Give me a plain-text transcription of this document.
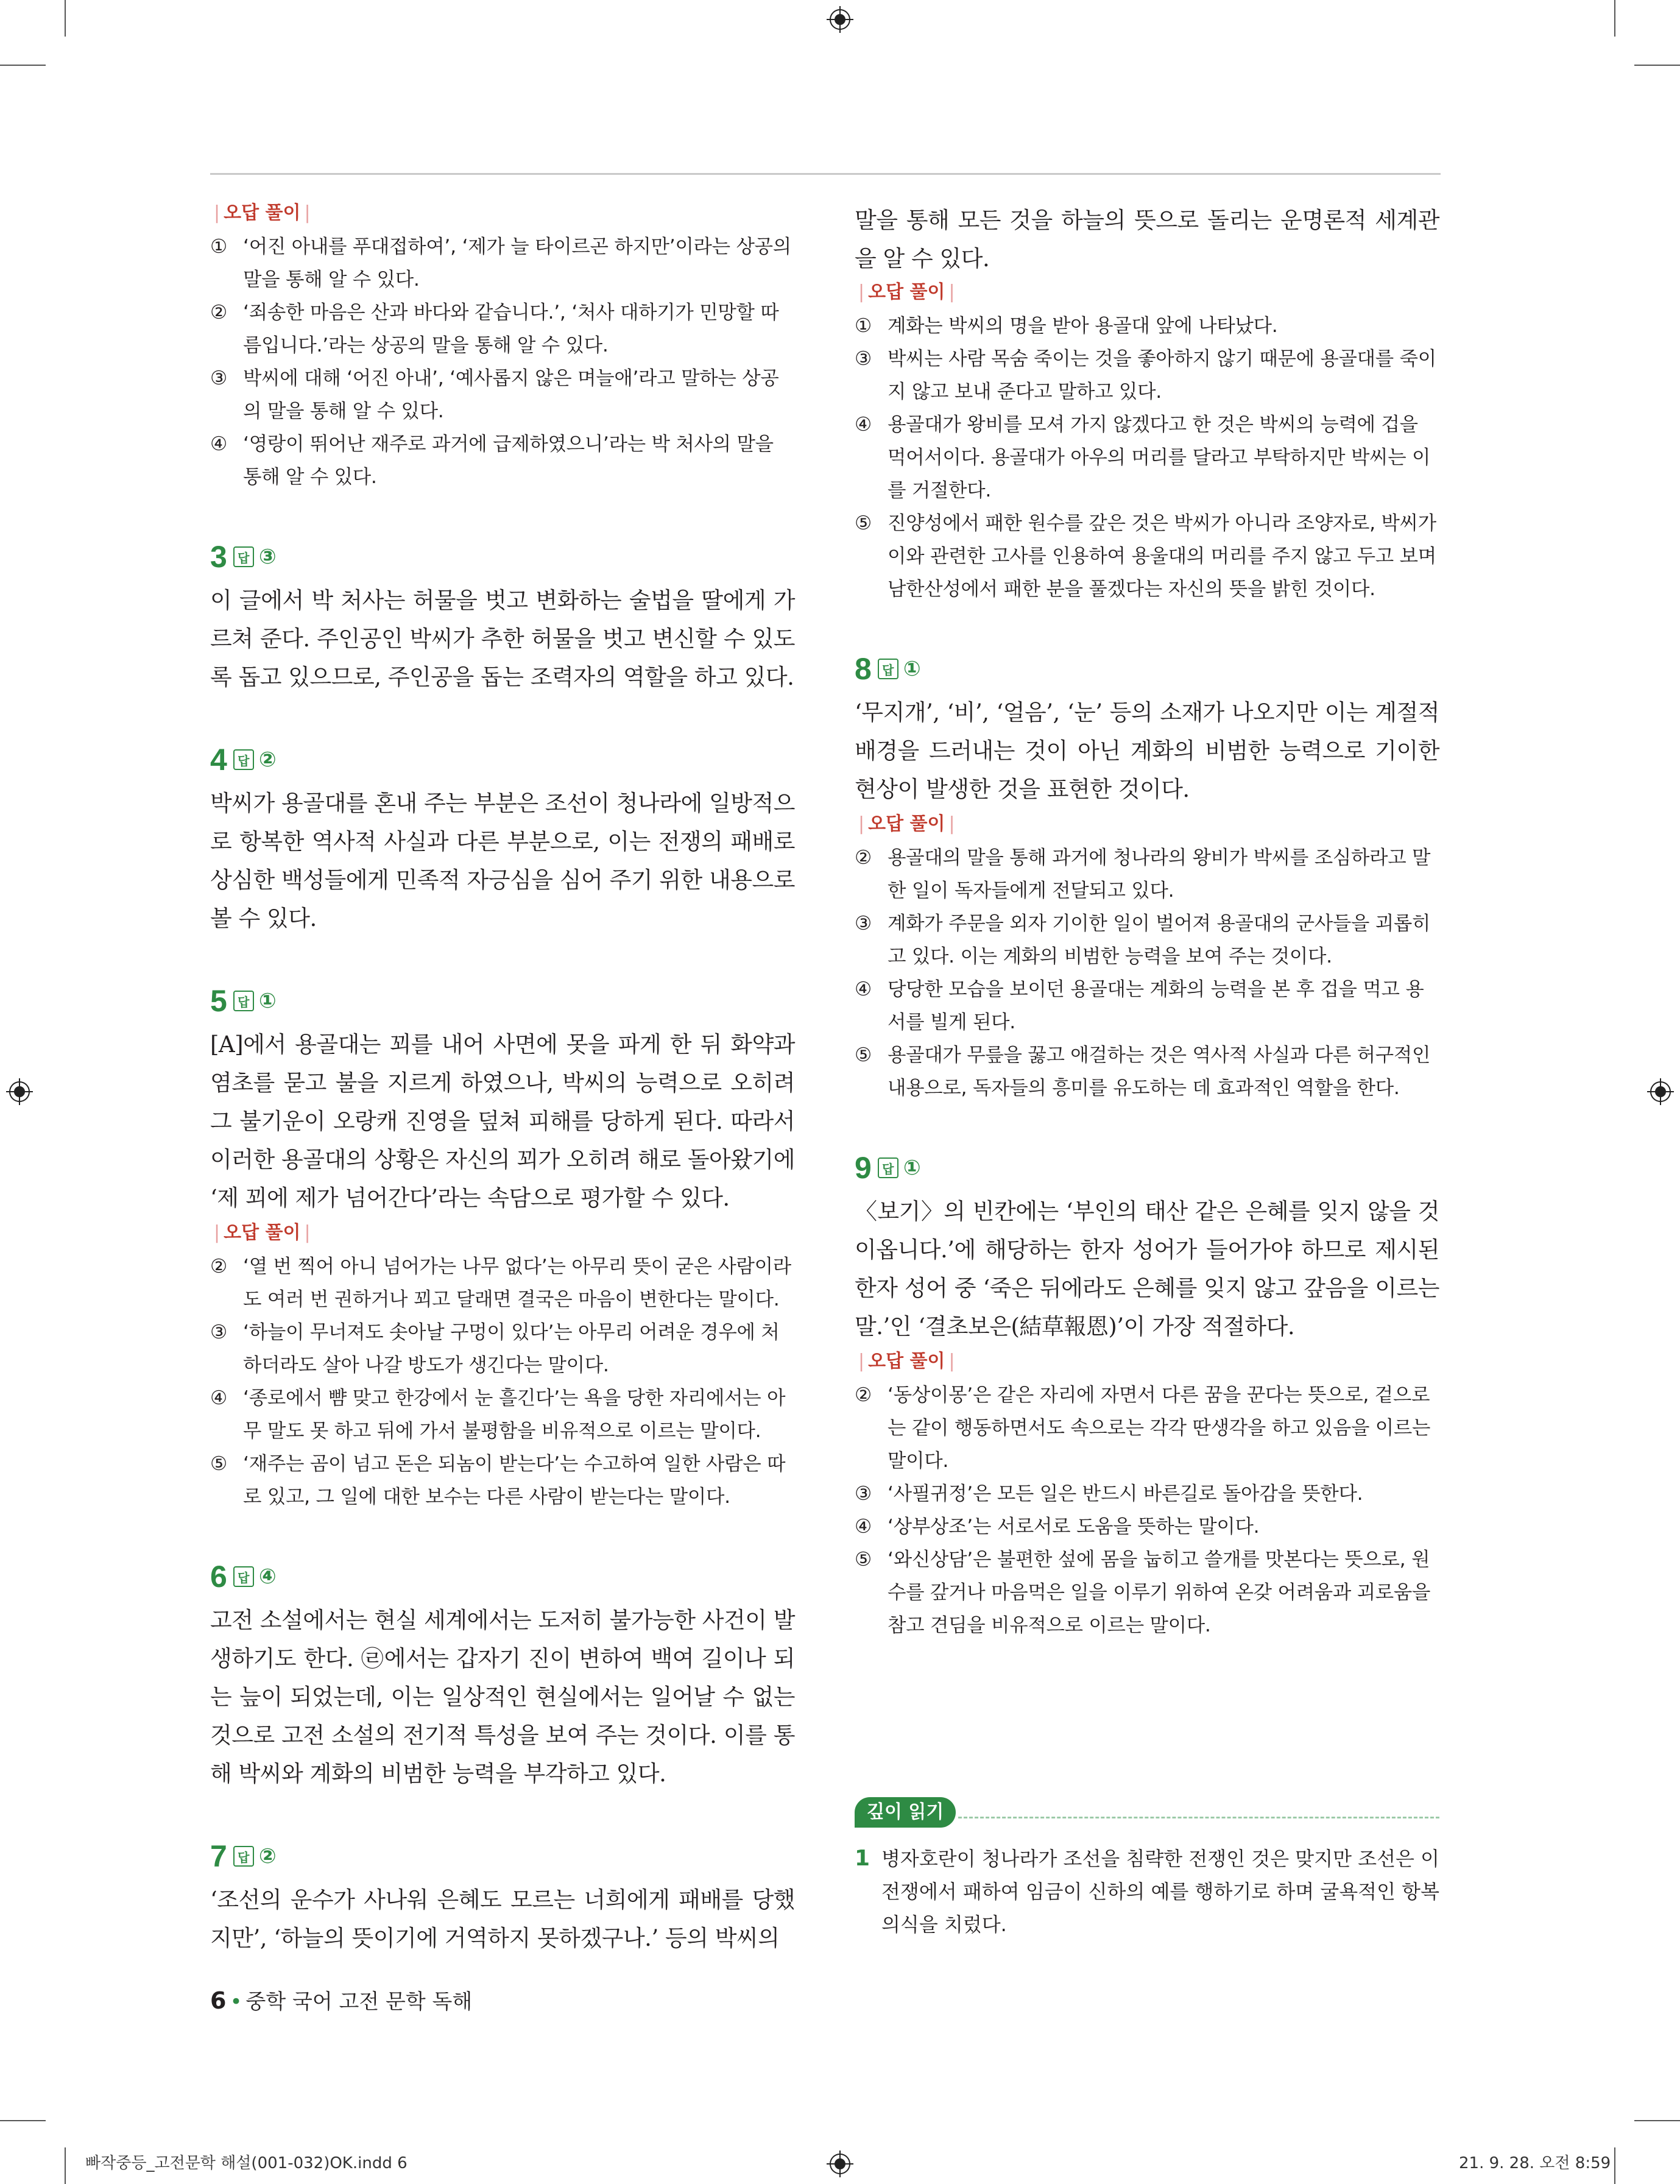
| 오답 풀이 |
① ‘어진 아내를 푸대접하여’, ‘제가 늘 타이르곤 하지만’이라는 상공의 말을 통해 알 수 있다.
② ‘죄송한 마음은 산과 바다와 같습니다.’, ‘처사 대하기가 민망할 따름입니다.’라는 상공의 말을 통해 알 수 있다.
③ 박씨에 대해 ‘어진 아내’, ‘예사롭지 않은 며늘애’라고 말하는 상공의 말을 통해 알 수 있다.
④ ‘영랑이 뛰어난 재주로 과거에 급제하였으니’라는 박 처사의 말을 통해 알 수 있다.
3 답 ③

이 글에서 박 처사는 허물을 벗고 변화하는 술법을 딸에게 가르쳐 준다. 주인공인 박씨가 추한 허물을 벗고 변신할 수 있도록 돕고 있으므로, 주인공을 돕는 조력자의 역할을 하고 있다.

4 답 ②

박씨가 용골대를 혼내 주는 부분은 조선이 청나라에 일방적으로 항복한 역사적 사실과 다른 부분으로, 이는 전쟁의 패배로 상심한 백성들에게 민족적 자긍심을 심어 주기 위한 내용으로 볼 수 있다.

5 답 ①

[A]에서 용골대는 꾀를 내어 사면에 못을 파게 한 뒤 화약과 염초를 묻고 불을 지르게 하였으나, 박씨의 능력으로 오히려 그 불기운이 오랑캐 진영을 덮쳐 피해를 당하게 된다. 따라서 이러한 용골대의 상황은 자신의 꾀가 오히려 해로 돌아왔기에 ‘제 꾀에 제가 넘어간다’라는 속담으로 평가할 수 있다.

| 오답 풀이 |
② ‘열 번 찍어 아니 넘어가는 나무 없다’는 아무리 뜻이 굳은 사람이라도 여러 번 권하거나 꾀고 달래면 결국은 마음이 변한다는 말이다.
③ ‘하늘이 무너져도 솟아날 구멍이 있다’는 아무리 어려운 경우에 처하더라도 살아 나갈 방도가 생긴다는 말이다.
④ ‘종로에서 뺨 맞고 한강에서 눈 흘긴다’는 욕을 당한 자리에서는 아무 말도 못 하고 뒤에 가서 불평함을 비유적으로 이르는 말이다.
⑤ ‘재주는 곰이 넘고 돈은 되놈이 받는다’는 수고하여 일한 사람은 따로 있고, 그 일에 대한 보수는 다른 사람이 받는다는 말이다.
6 답 ④

고전 소설에서는 현실 세계에서는 도저히 불가능한 사건이 발생하기도 한다. ㉣에서는 갑자기 진이 변하여 백여 길이나 되는 늪이 되었는데, 이는 일상적인 현실에서는 일어날 수 없는 것으로 고전 소설의 전기적 특성을 보여 주는 것이다. 이를 통해 박씨와 계화의 비범한 능력을 부각하고 있다.

7 답 ②

‘조선의 운수가 사나워 은혜도 모르는 너희에게 패배를 당했지만’, ‘하늘의 뜻이기에 거역하지 못하겠구나.’ 등의 박씨의

말을 통해 모든 것을 하늘의 뜻으로 돌리는 운명론적 세계관을 알 수 있다.

| 오답 풀이 |
① 계화는 박씨의 명을 받아 용골대 앞에 나타났다.
③ 박씨는 사람 목숨 죽이는 것을 좋아하지 않기 때문에 용골대를 죽이지 않고 보내 준다고 말하고 있다.
④ 용골대가 왕비를 모셔 가지 않겠다고 한 것은 박씨의 능력에 겁을 먹어서이다. 용골대가 아우의 머리를 달라고 부탁하지만 박씨는 이를 거절한다.
⑤ 진양성에서 패한 원수를 갚은 것은 박씨가 아니라 조양자로, 박씨가 이와 관련한 고사를 인용하여 용울대의 머리를 주지 않고 두고 보며 남한산성에서 패한 분을 풀겠다는 자신의 뜻을 밝힌 것이다.
8 답 ①

‘무지개’, ‘비’, ‘얼음’, ‘눈’ 등의 소재가 나오지만 이는 계절적 배경을 드러내는 것이 아닌 계화의 비범한 능력으로 기이한 현상이 발생한 것을 표현한 것이다.

| 오답 풀이 |
② 용골대의 말을 통해 과거에 청나라의 왕비가 박씨를 조심하라고 말한 일이 독자들에게 전달되고 있다.
③ 계화가 주문을 외자 기이한 일이 벌어져 용골대의 군사들을 괴롭히고 있다. 이는 계화의 비범한 능력을 보여 주는 것이다.
④ 당당한 모습을 보이던 용골대는 계화의 능력을 본 후 겁을 먹고 용서를 빌게 된다.
⑤ 용골대가 무릎을 꿇고 애걸하는 것은 역사적 사실과 다른 허구적인 내용으로, 독자들의 흥미를 유도하는 데 효과적인 역할을 한다.
9 답 ①

〈보기〉의 빈칸에는 ‘부인의 태산 같은 은혜를 잊지 않을 것이옵니다.’에 해당하는 한자 성어가 들어가야 하므로 제시된 한자 성어 중 ‘죽은 뒤에라도 은혜를 잊지 않고 갚음을 이르는 말.’인 ‘결초보은(結草報恩)’이 가장 적절하다.

| 오답 풀이 |
② ‘동상이몽’은 같은 자리에 자면서 다른 꿈을 꾼다는 뜻으로, 겉으로는 같이 행동하면서도 속으로는 각각 딴생각을 하고 있음을 이르는 말이다.
③ ‘사필귀정’은 모든 일은 반드시 바른길로 돌아감을 뜻한다.
④ ‘상부상조’는 서로서로 도움을 뜻하는 말이다.
⑤ ‘와신상담’은 불편한 섶에 몸을 눕히고 쓸개를 맛본다는 뜻으로, 원수를 갚거나 마음먹은 일을 이루기 위하여 온갖 어려움과 괴로움을 참고 견딤을 비유적으로 이르는 말이다.
깊이 읽기
1 병자호란이 청나라가 조선을 침략한 전쟁인 것은 맞지만 조선은 이 전쟁에서 패하여 임금이 신하의 예를 행하기로 하며 굴욕적인 항복 의식을 치렀다.
6 • 중학 국어 고전 문학 독해
빠작중등_고전문학 해설(001-032)OK.indd 6	21. 9. 28. 오전 8:59
